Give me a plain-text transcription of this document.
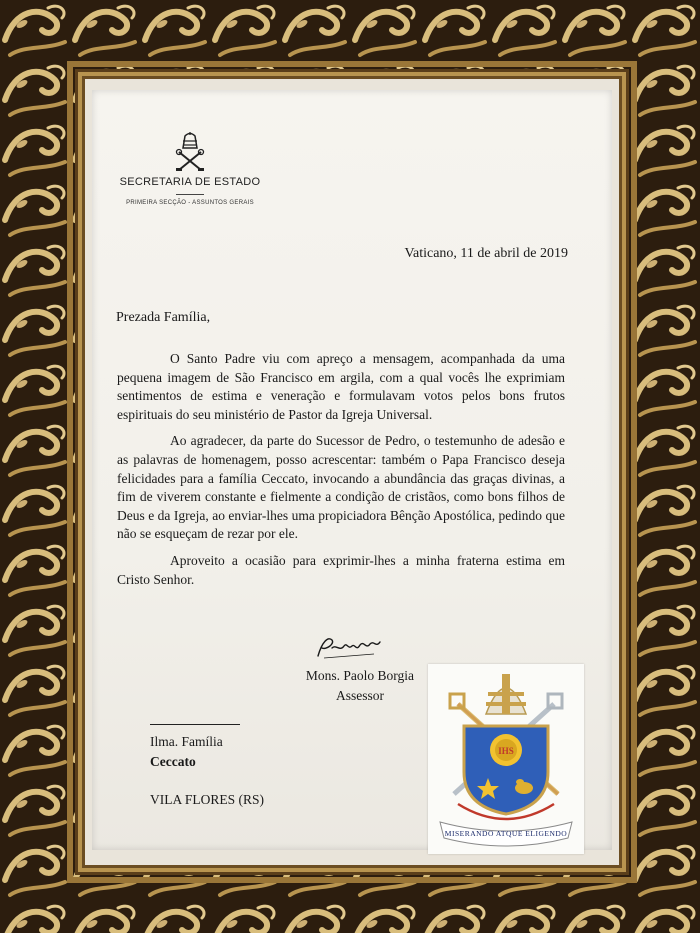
SECRETARIA DE ESTADO
PRIMEIRA SECÇÃO - ASSUNTOS GERAIS
Vaticano, 11 de abril de 2019
Prezada Família,

O Santo Padre viu com apreço a mensagem, acompanhada da uma pequena imagem de São Francisco em argila, com a qual vocês lhe exprimiam sentimentos de estima e veneração e formulavam votos pelos bons frutos espirituais do seu ministério de Pastor da Igreja Universal.

Ao agradecer, da parte do Sucessor de Pedro, o testemunho de adesão e as palavras de homenagem, posso acrescentar: também o Papa Francisco deseja felicidades para a família Ceccato, invocando a abundância das graças divinas, a fim de viverem constante e fielmente a condição de cristãos, como bons filhos de Deus e da Igreja, ao enviar-lhes uma propiciadora Bênção Apostólica, pedindo que não se esqueçam de rezar por ele.

Aproveito a ocasião para exprimir-lhes a minha fraterna estima em Cristo Senhor.

Mons. Paolo Borgia
Assessor
Ilma. Família
Ceccato
VILA FLORES (RS)
IHS
MISERANDO ATQUE ELIGENDO
